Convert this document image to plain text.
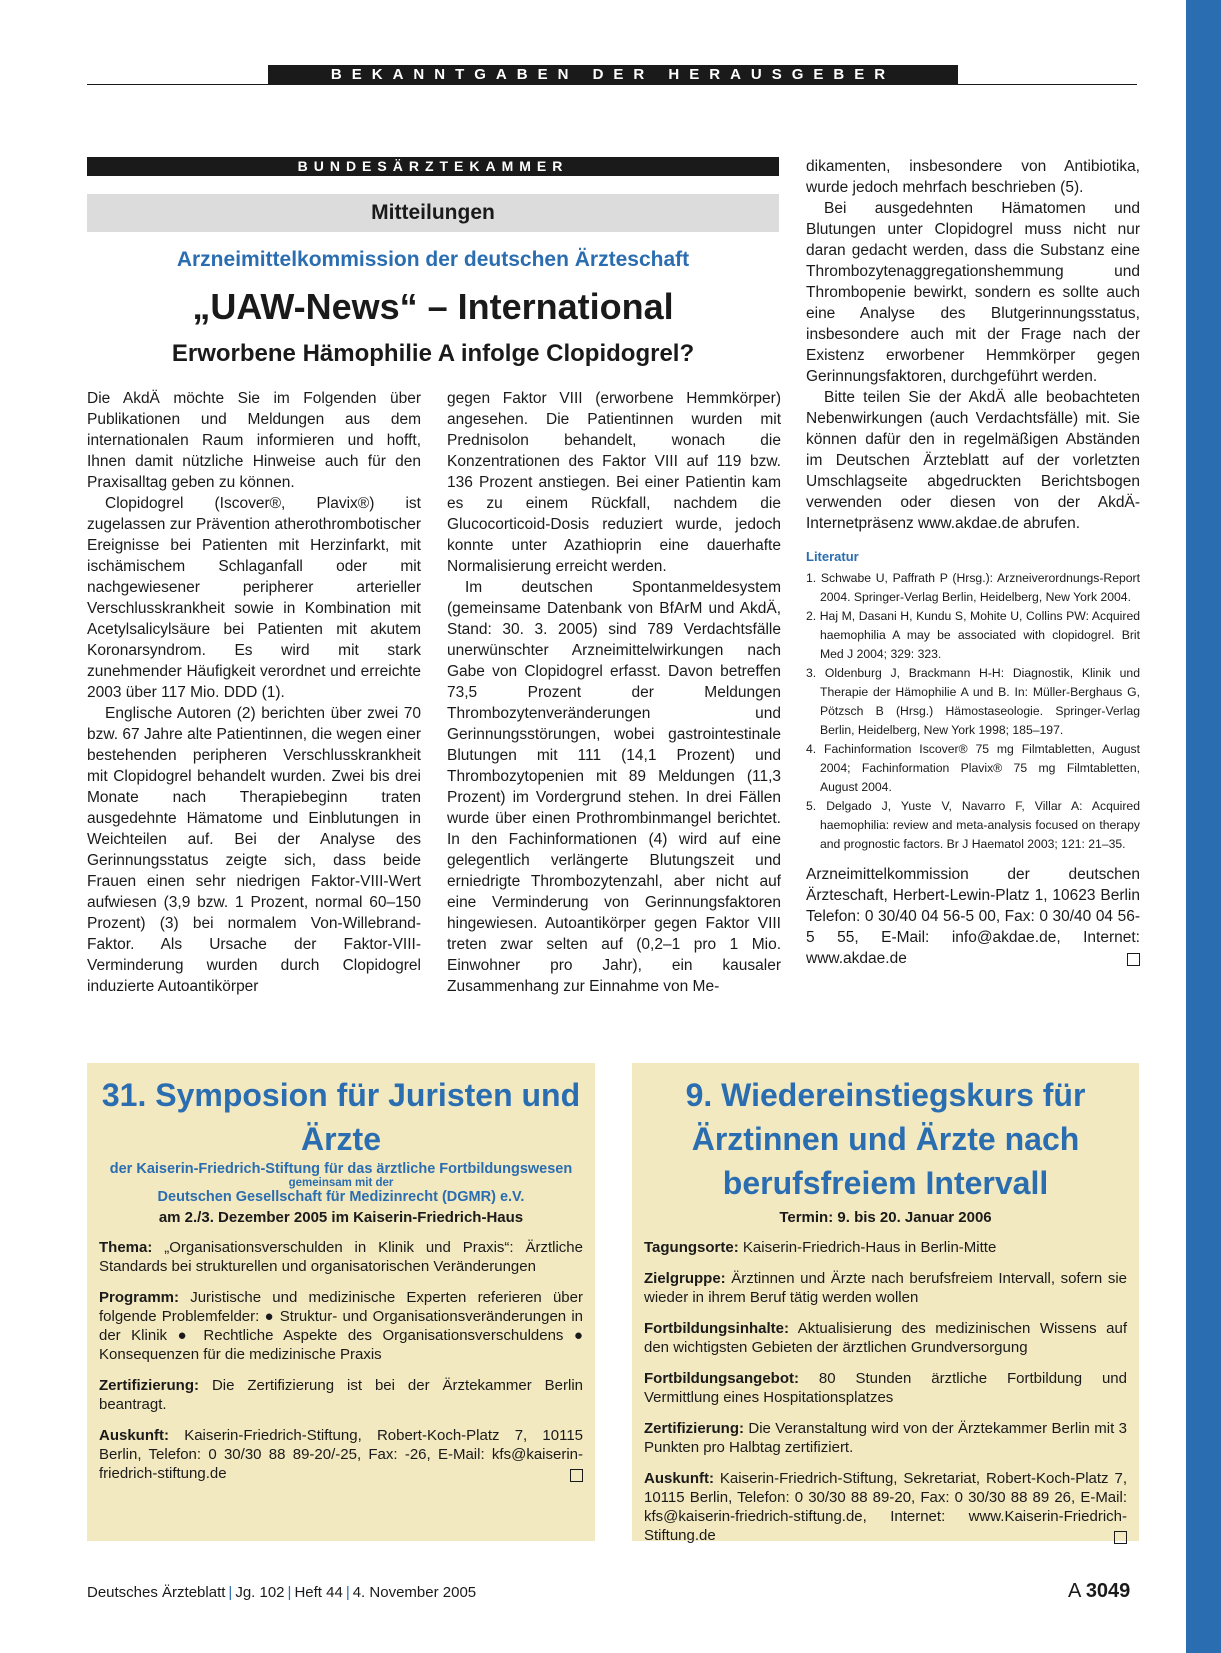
BEKANNTGABEN DER HERAUSGEBER
BUNDESÄRZTEKAMMER
Mitteilungen
Arzneimittelkommission der deutschen Ärzteschaft
„UAW-News“ – International
Erworbene Hämophilie A infolge Clopidogrel?

Die AkdÄ möchte Sie im Folgenden über Publikationen und Meldungen aus dem internationalen Raum informieren und hofft, Ihnen damit nützliche Hinweise auch für den Praxisalltag geben zu können.

Clopidogrel (Iscover®, Plavix®) ist zugelassen zur Prävention atherothrombotischer Ereignisse bei Patienten mit Herzinfarkt, mit ischämischem Schlaganfall oder mit nachgewiesener peripherer arterieller Verschlusskrankheit sowie in Kombination mit Acetylsalicylsäure bei Patienten mit akutem Koronarsyndrom. Es wird mit stark zunehmender Häufigkeit verordnet und erreichte 2003 über 117 Mio. DDD (1).

Englische Autoren (2) berichten über zwei 70 bzw. 67 Jahre alte Patientinnen, die wegen einer bestehenden peripheren Verschlusskrankheit mit Clopidogrel behandelt wurden. Zwei bis drei Monate nach Therapiebeginn traten ausgedehnte Hämatome und Einblutungen in Weichteilen auf. Bei der Analyse des Gerinnungsstatus zeigte sich, dass beide Frauen einen sehr niedrigen Faktor-VIII-Wert aufwiesen (3,9 bzw. 1 Prozent, normal 60–150 Prozent) (3) bei normalem Von-Willebrand-Faktor. Als Ursache der Faktor-VIII-Verminderung wurden durch Clopidogrel induzierte Autoantikörper

gegen Faktor VIII (erworbene Hemmkörper) angesehen. Die Patientinnen wurden mit Prednisolon behandelt, wonach die Konzentrationen des Faktor VIII auf 119 bzw. 136 Prozent anstiegen. Bei einer Patientin kam es zu einem Rückfall, nachdem die Glucocorticoid-Dosis reduziert wurde, jedoch konnte unter Azathioprin eine dauerhafte Normalisierung erreicht werden.

Im deutschen Spontanmeldesystem (gemeinsame Datenbank von BfArM und AkdÄ, Stand: 30. 3. 2005) sind 789 Verdachtsfälle unerwünschter Arzneimittelwirkungen nach Gabe von Clopidogrel erfasst. Davon betreffen 73,5 Prozent der Meldungen Thrombozytenveränderungen und Gerinnungsstörungen, wobei gastrointestinale Blutungen mit 111 (14,1 Prozent) und Thrombozytopenien mit 89 Meldungen (11,3 Prozent) im Vordergrund stehen. In drei Fällen wurde über einen Prothrombinmangel berichtet. In den Fachinformationen (4) wird auf eine gelegentlich verlängerte Blutungszeit und erniedrigte Thrombozytenzahl, aber nicht auf eine Verminderung von Gerinnungsfaktoren hingewiesen. Autoantikörper gegen Faktor VIII treten zwar selten auf (0,2–1 pro 1 Mio. Einwohner pro Jahr), ein kausaler Zusammenhang zur Einnahme von Me-

dikamenten, insbesondere von Antibiotika, wurde jedoch mehrfach beschrieben (5).

Bei ausgedehnten Hämatomen und Blutungen unter Clopidogrel muss nicht nur daran gedacht werden, dass die Substanz eine Thrombozytenaggregationshemmung und Thrombopenie bewirkt, sondern es sollte auch eine Analyse des Blutgerinnungsstatus, insbesondere auch mit der Frage nach der Existenz erworbener Hemmkörper gegen Gerinnungsfaktoren, durchgeführt werden.

Bitte teilen Sie der AkdÄ alle beobachteten Nebenwirkungen (auch Verdachtsfälle) mit. Sie können dafür den in regelmäßigen Abständen im Deutschen Ärzteblatt auf der vorletzten Umschlagseite abgedruckten Berichtsbogen verwenden oder diesen von der AkdÄ-Internetpräsenz www.akdae.de abrufen.

Literatur
1. Schwabe U, Paffrath P (Hrsg.): Arzneiverordnungs-Report 2004. Springer-Verlag Berlin, Heidelberg, New York 2004.
2. Haj M, Dasani H, Kundu S, Mohite U, Collins PW: Acquired haemophilia A may be associated with clopidogrel. Brit Med J 2004; 329: 323.
3. Oldenburg J, Brackmann H-H: Diagnostik, Klinik und Therapie der Hämophilie A und B. In: Müller-Berghaus G, Pötzsch B (Hrsg.) Hämostaseologie. Springer-Verlag Berlin, Heidelberg, New York 1998; 185–197.
4. Fachinformation Iscover® 75 mg Filmtabletten, August 2004; Fachinformation Plavix® 75 mg Filmtabletten, August 2004.
5. Delgado J, Yuste V, Navarro F, Villar A: Acquired haemophilia: review and meta-analysis focused on therapy and prognostic factors. Br J Haematol 2003; 121: 21–35.
Arzneimittelkommission der deutschen Ärzteschaft, Herbert-Lewin-Platz 1, 10623 Berlin Telefon: 0 30/40 04 56-5 00, Fax: 0 30/40 04 56-5 55, E-Mail: info@akdae.de, Internet: www.akdae.de
31. Symposion für Juristen und Ärzte
der Kaiserin-Friedrich-Stiftung für das ärztliche Fortbildungswesen
gemeinsam mit der
Deutschen Gesellschaft für Medizinrecht (DGMR) e.V.
am 2./3. Dezember 2005 im Kaiserin-Friedrich-Haus
Thema: „Organisationsverschulden in Klinik und Praxis“: Ärztliche Standards bei strukturellen und organisatorischen Veränderungen
Programm: Juristische und medizinische Experten referieren über folgende Problemfelder: ● Struktur- und Organisationsveränderungen in der Klinik ● Rechtliche Aspekte des Organisationsverschuldens ● Konsequenzen für die medizinische Praxis
Zertifizierung: Die Zertifizierung ist bei der Ärztekammer Berlin beantragt.
Auskunft: Kaiserin-Friedrich-Stiftung, Robert-Koch-Platz 7, 10115 Berlin, Telefon: 0 30/30 88 89-20/-25, Fax: -26, E-Mail: kfs@kaiserin-friedrich-stiftung.de
9. Wiedereinstiegskurs für Ärztinnen und Ärzte nach berufsfreiem Intervall
Termin: 9. bis 20. Januar 2006
Tagungsorte: Kaiserin-Friedrich-Haus in Berlin-Mitte
Zielgruppe: Ärztinnen und Ärzte nach berufsfreiem Intervall, sofern sie wieder in ihrem Beruf tätig werden wollen
Fortbildungsinhalte: Aktualisierung des medizinischen Wissens auf den wichtigsten Gebieten der ärztlichen Grundversorgung
Fortbildungsangebot: 80 Stunden ärztliche Fortbildung und Vermittlung eines Hospitationsplatzes
Zertifizierung: Die Veranstaltung wird von der Ärztekammer Berlin mit 3 Punkten pro Halbtag zertifiziert.
Auskunft: Kaiserin-Friedrich-Stiftung, Sekretariat, Robert-Koch-Platz 7, 10115 Berlin, Telefon: 0 30/30 88 89-20, Fax: 0 30/30 88 89 26, E-Mail: kfs@kaiserin-friedrich-stiftung.de, Internet: www.Kaiserin-Friedrich-Stiftung.de
Deutsches Ärzteblatt | Jg. 102 | Heft 44 | 4. November 2005	A 3049
